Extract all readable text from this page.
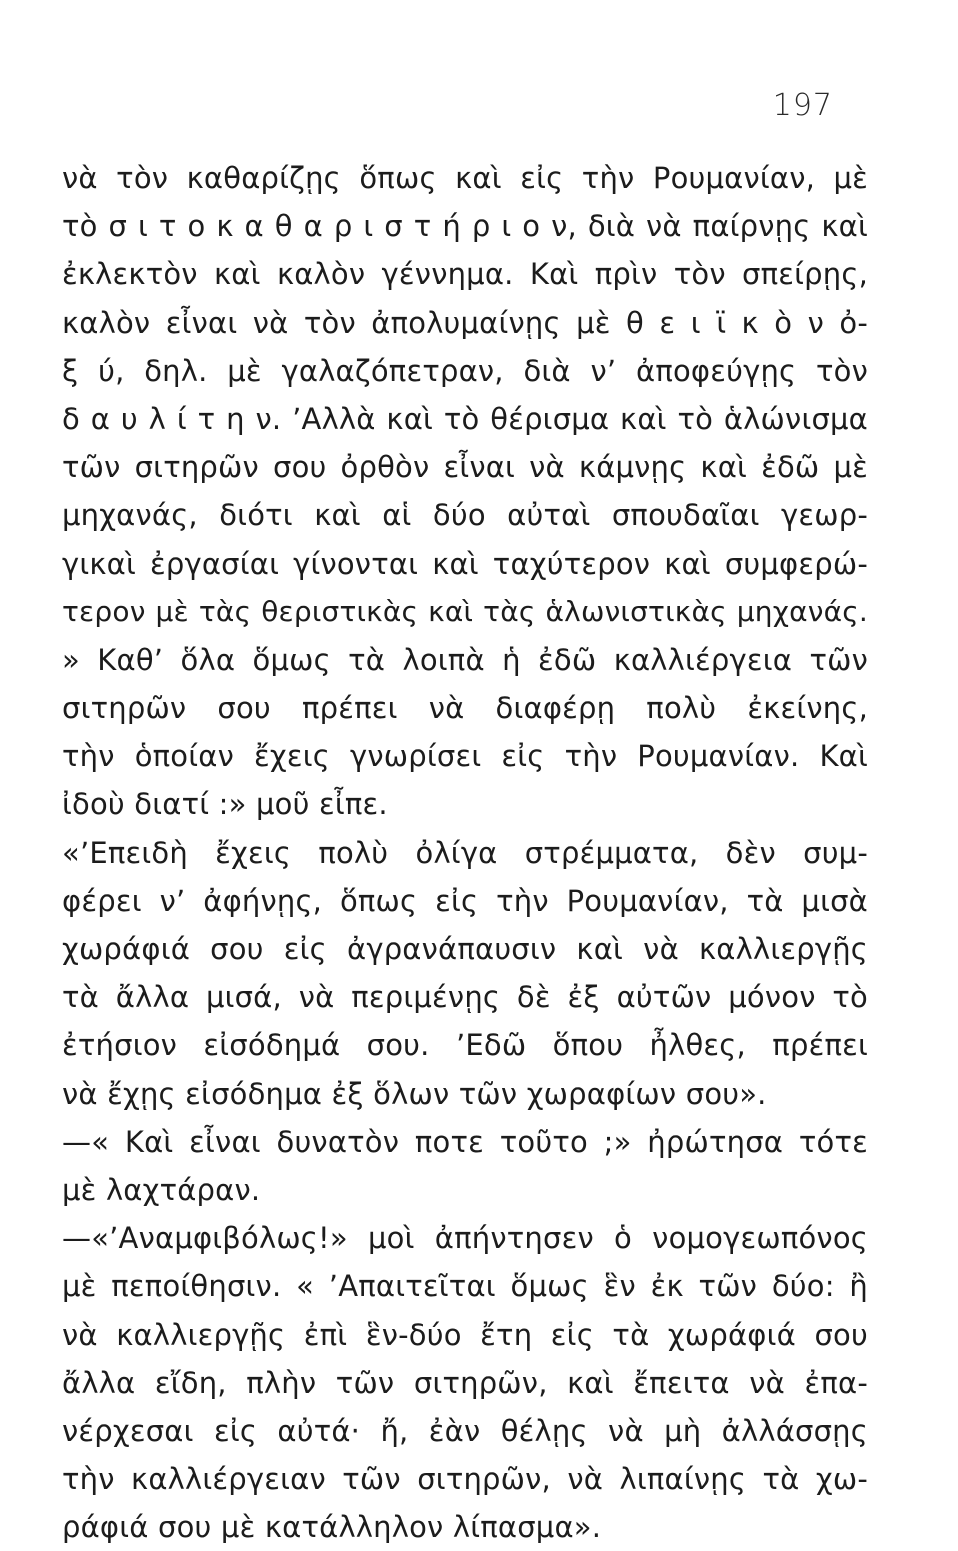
197
νὰ τὸν καθαρίζῃς ὅπως καὶ εἰς τὴν Ρουμανίαν, μὲ
τὸ σ ι τ ο κ α θ α ρ ι σ τ ή ρ ι ο ν, διὰ νὰ παίρνῃς καὶ
ἐκλεκτὸν καὶ καλὸν γέννημα. Καὶ πρὶν τὸν σπείρῃς,
καλὸν εἶναι νὰ τὸν ἀπολυμαίνῃς μὲ θ ε ι ϊ κ ὸ ν ὀ-
ξ ύ, δηλ. μὲ γαλαζόπετραν, διὰ ν’ ἀποφεύγῃς τὸν
δ α υ λ ί τ η ν. ’Αλλὰ καὶ τὸ θέρισμα καὶ τὸ ἁλώνισμα
τῶν σιτηρῶν σου ὀρθὸν εἶναι νὰ κάμνῃς καὶ ἐδῶ μὲ
μηχανάς, διότι καὶ αἱ δύο αὐταὶ σπουδαῖαι γεωρ-
γικαὶ ἐργασίαι γίνονται καὶ ταχύτερον καὶ συμφερώ-
τερον μὲ τὰς θεριστικὰς καὶ τὰς ἁλωνιστικὰς μηχανάς.
» Καθ’ ὅλα ὅμως τὰ λοιπὰ ἡ ἐδῶ καλλιέργεια τῶν
σιτηρῶν σου πρέπει νὰ διαφέρῃ πολὺ ἐκείνης,
τὴν ὁποίαν ἔχεις γνωρίσει εἰς τὴν Ρουμανίαν. Καὶ
ἰδοὺ διατί :» μοῦ εἶπε.
«’Επειδὴ ἔχεις πολὺ ὀλίγα στρέμματα, δὲν συμ-
φέρει ν’ ἀφήνῃς, ὅπως εἰς τὴν Ρουμανίαν, τὰ μισὰ
χωράφιά σου εἰς ἀγρανάπαυσιν καὶ νὰ καλλιεργῇς
τὰ ἄλλα μισά, νὰ περιμένῃς δὲ ἐξ αὐτῶν μόνον τὸ
ἐτήσιον εἰσόδημά σου. ’Εδῶ ὅπου ἦλθες, πρέπει
νὰ ἔχῃς εἰσόδημα ἐξ ὅλων τῶν χωραφίων σου».
—« Καὶ εἶναι δυνατὸν ποτε τοῦτο ;» ἠρώτησα τότε
μὲ λαχτάραν.
—«’Αναμφιβόλως!» μοὶ ἀπήντησεν ὁ νομογεωπόνος
μὲ πεποίθησιν. « ’Απαιτεῖται ὅμως ἓν ἐκ τῶν δύο: ἢ
νὰ καλλιεργῇς ἐπὶ ἓν-δύο ἔτη εἰς τὰ χωράφιά σου
ἄλλα εἴδη, πλὴν τῶν σιτηρῶν, καὶ ἔπειτα νὰ ἐπα-
νέρχεσαι εἰς αὐτά· ἤ, ἐὰν θέλῃς νὰ μὴ ἀλλάσσῃς
τὴν καλλιέργειαν τῶν σιτηρῶν, νὰ λιπαίνῃς τὰ χω-
ράφιά σου μὲ κατάλληλον λίπασμα».
